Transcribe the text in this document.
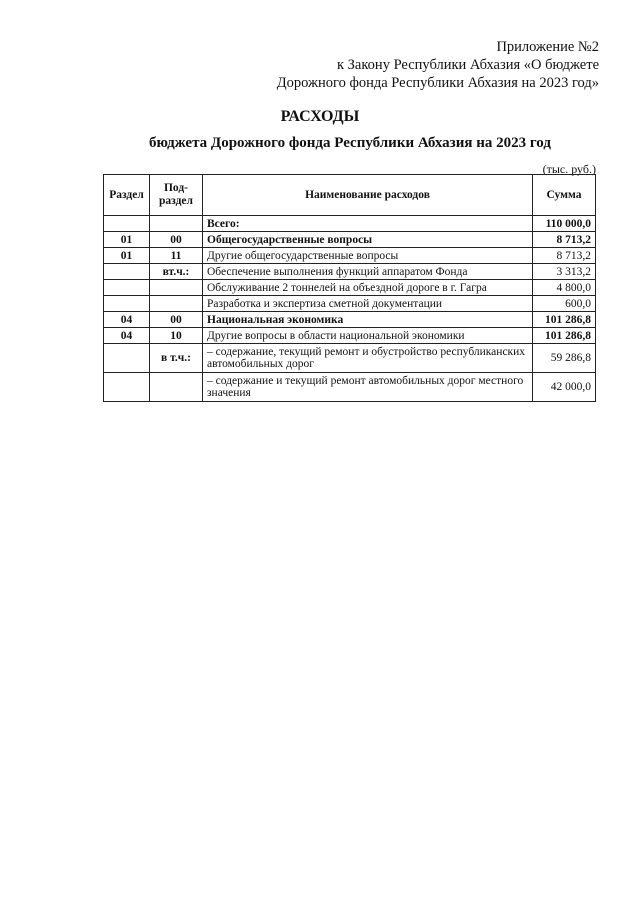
Приложение №2
к Закону Республики Абхазия «О бюджете
Дорожного фонда Республики Абхазия на 2023 год»
РАСХОДЫ
бюджета Дорожного фонда Республики Абхазия на 2023 год
(тыс. руб.)
Раздел	Под-раздел	Наименование расходов	Сумма
		Всего:	110 000,0
01	00	Общегосударственные вопросы	8 713,2
01	11	Другие общегосударственные вопросы	8 713,2
	вт.ч.:	Обеспечение выполнения функций аппаратом Фонда	3 313,2
		Обслуживание 2 тоннелей на объездной дороге в г. Гагра	4 800,0
		Разработка и экспертиза сметной документации	600,0
04	00	Национальная экономика	101 286,8
04	10	Другие вопросы в области национальной экономики	101 286,8
	в т.ч.:	– содержание, текущий ремонт и обустройство республиканских автомобильных дорог	59 286,8
		– содержание и текущий ремонт автомобильных дорог местного значения	42 000,0
